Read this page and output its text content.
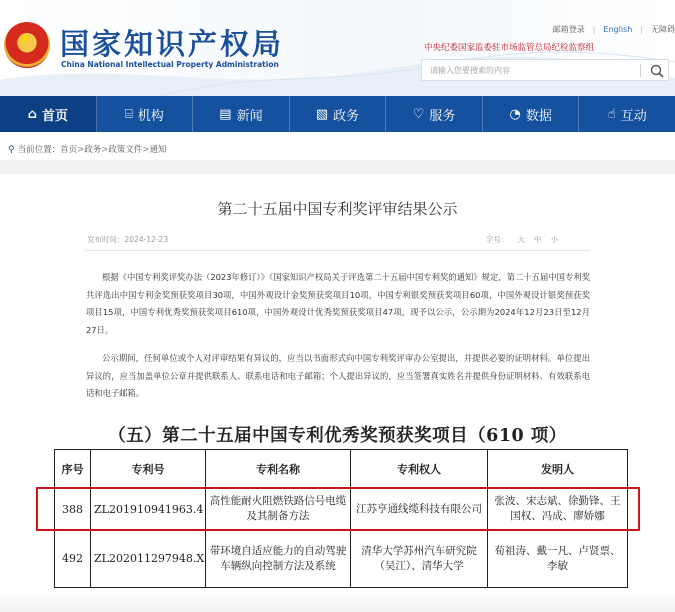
★ 国家知识产权局
China National Intellectual Property Administration
邮箱登录 | English | 无障碍
中央纪委国家监委驻市场监管总局纪检监察组
请输入您要搜索的内容
⌂ 首页	⌸ 机构	▤ 新闻	▧ 政务	♡ 服务	◔ 数据	☝ 互动
⚲ 当前位置：首页>政务>政策文件>通知
第二十五届中国专利奖评审结果公示
发布时间：2024-12-23	字号： 大 中 小
根据《中国专利奖评奖办法（2023年修订）》《国家知识产权局关于评选第二十五届中国专利奖的通知》规定，第二十五届中国专利奖共评选出中国专利金奖预获奖项目30项，中国外观设计金奖预获奖项目10项，中国专利银奖预获奖项目60项，中国外观设计银奖预获奖项目15项，中国专利优秀奖预获奖项目610项，中国外观设计优秀奖预获奖项目47项，现予以公示，公示期为2024年12月23日至12月27日。
公示期间，任何单位或个人对评审结果有异议的，应当以书面形式向中国专利奖评审办公室提出，并提供必要的证明材料。单位提出异议的，应当加盖单位公章并提供联系人、联系电话和电子邮箱；个人提出异议的，应当签署真实姓名并提供身份证明材料、有效联系电话和电子邮箱。
（五）第二十五届中国专利优秀奖预获奖项目（610 项）
序号	专利号	专利名称	专利权人	发明人
388	ZL201910941963.4	高性能耐火阻燃铁路信号电缆及其制备方法	江苏亨通线缆科技有限公司	张波、宋志斌、徐勤锋、王国权、冯成、廖娇娜
492	ZL202011297948.X	带环境自适应能力的自动驾驶车辆纵向控制方法及系统	清华大学苏州汽车研究院（吴江）、清华大学	荀祖涛、戴一凡、卢贤票、李敏
